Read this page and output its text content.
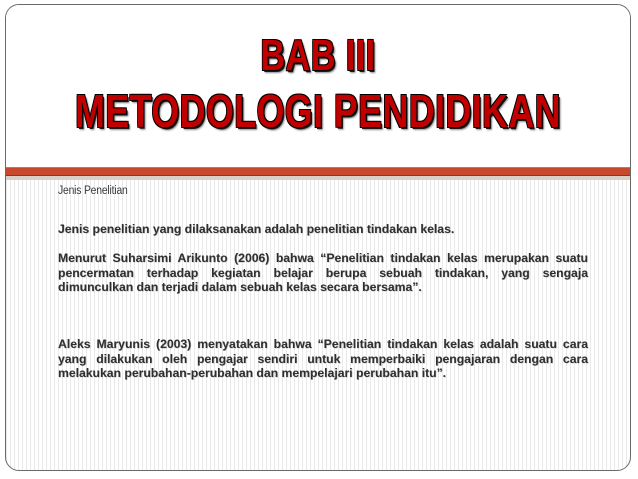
BAB III
METODOLOGI PENDIDIKAN
Jenis Penelitian
Jenis penelitian yang dilaksanakan adalah penelitian tindakan kelas.
Menurut Suharsimi Arikunto (2006) bahwa “Penelitian tindakan kelas merupakan suatu pencermatan terhadap kegiatan belajar berupa sebuah tindakan, yang sengaja dimunculkan dan terjadi dalam sebuah kelas secara bersama”.
Aleks Maryunis (2003) menyatakan bahwa “Penelitian tindakan kelas adalah suatu cara yang dilakukan oleh pengajar sendiri untuk memperbaiki pengajaran dengan cara melakukan perubahan-perubahan dan mempelajari perubahan itu”.
